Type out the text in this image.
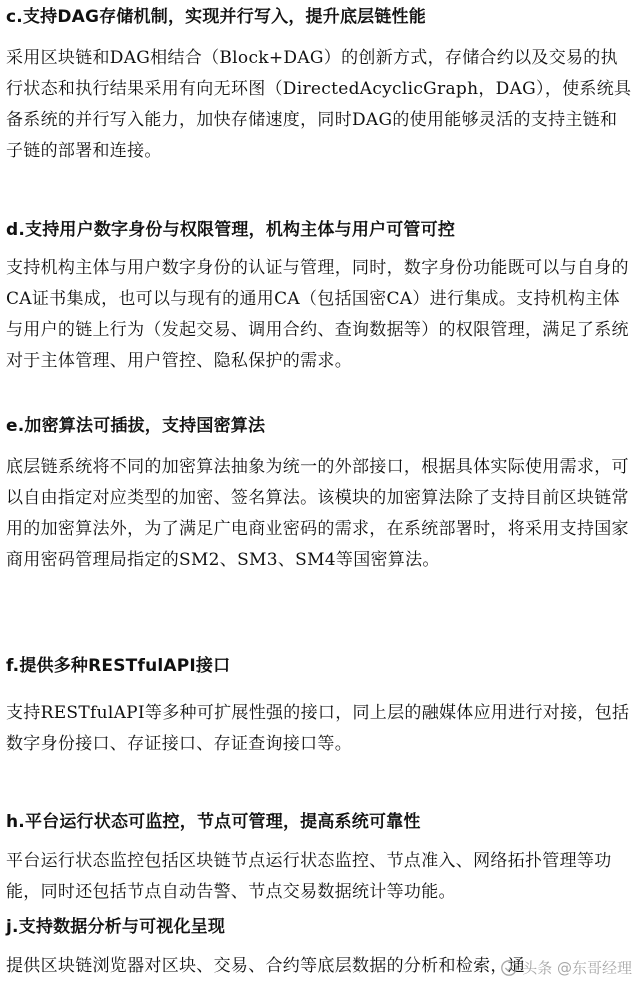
c.支持DAG存储机制，实现并行写入，提升底层链性能
采用区块链和DAG相结合（Block+DAG）的创新方式，存储合约以及交易的执行状态和执行结果采用有向无环图（DirectedAcyclicGraph，DAG），使系统具备系统的并行写入能力，加快存储速度，同时DAG的使用能够灵活的支持主链和子链的部署和连接。
d.支持用户数字身份与权限管理，机构主体与用户可管可控
支持机构主体与用户数字身份的认证与管理，同时，数字身份功能既可以与自身的CA证书集成，也可以与现有的通用CA（包括国密CA）进行集成。支持机构主体与用户的链上行为（发起交易、调用合约、查询数据等）的权限管理，满足了系统对于主体管理、用户管控、隐私保护的需求。
e.加密算法可插拔，支持国密算法
底层链系统将不同的加密算法抽象为统一的外部接口，根据具体实际使用需求，可以自由指定对应类型的加密、签名算法。该模块的加密算法除了支持目前区块链常用的加密算法外，为了满足广电商业密码的需求，在系统部署时，将采用支持国家商用密码管理局指定的SM2、SM3、SM4等国密算法。
f.提供多种RESTfulAPI接口
支持RESTfulAPI等多种可扩展性强的接口，同上层的融媒体应用进行对接，包括数字身份接口、存证接口、存证查询接口等。
h.平台运行状态可监控，节点可管理，提高系统可靠性
平台运行状态监控包括区块链节点运行状态监控、节点准入、网络拓扑管理等功能，同时还包括节点自动告警、节点交易数据统计等功能。
j.支持数据分析与可视化呈现
提供区块链浏览器对区块、交易、合约等底层数据的分析和检索，通
头条 @东哥经理
